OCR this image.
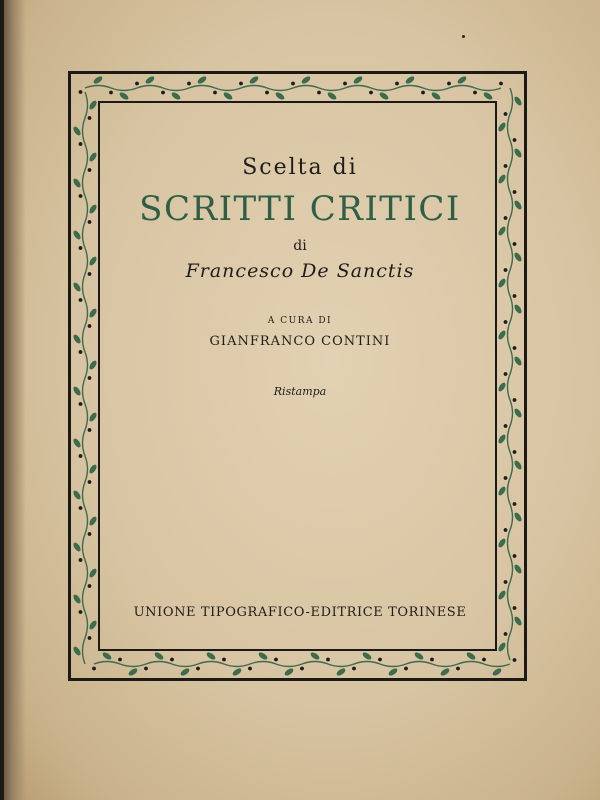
Scelta di
SCRITTI CRITICI
di
Francesco De Sanctis
A CURA DI
GIANFRANCO CONTINI
Ristampa
UNIONE TIPOGRAFICO-EDITRICE TORINESE
